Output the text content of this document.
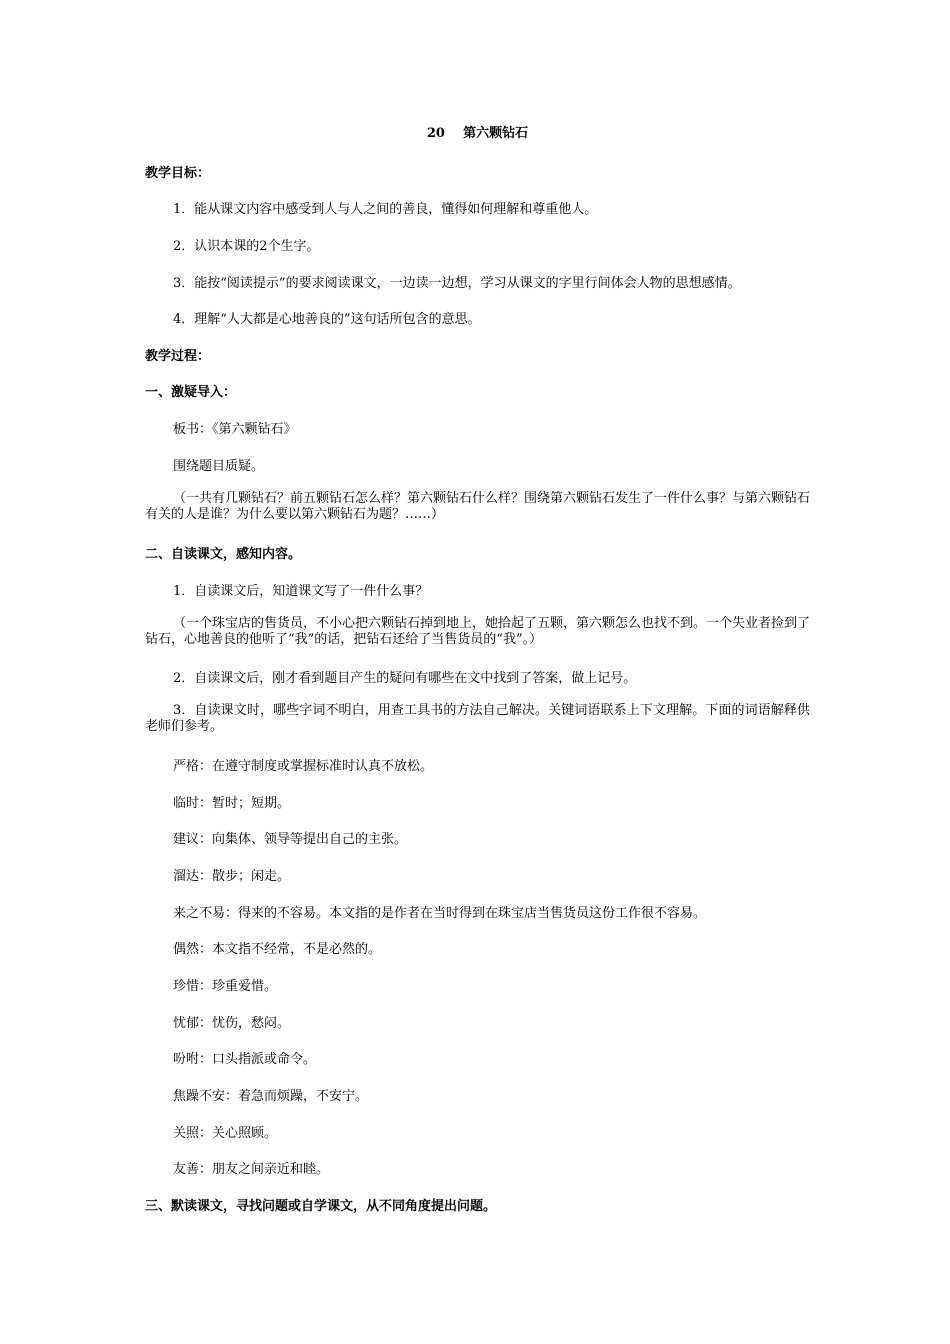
20    第六颗钻石
教学目标：
1．能从课文内容中感受到人与人之间的善良，懂得如何理解和尊重他人。
2．认识本课的2个生字。
3．能按“阅读提示”的要求阅读课文，一边读一边想，学习从课文的字里行间体会人物的思想感情。
4．理解“人大都是心地善良的”这句话所包含的意思。
教学过程：
一、激疑导入：
板书：《第六颗钻石》
围绕题目质疑。
（一共有几颗钻石？前五颗钻石怎么样？第六颗钻石什么样？围绕第六颗钻石发生了一件什么事？与第六颗钻石有关的人是谁？为什么要以第六颗钻石为题？……）
二、自读课文，感知内容。
1．自读课文后，知道课文写了一件什么事？
（一个珠宝店的售货员，不小心把六颗钻石掉到地上，她拾起了五颗，第六颗怎么也找不到。一个失业者捡到了钻石，心地善良的他听了“我”的话，把钻石还给了当售货员的“我”。）
2．自读课文后，刚才看到题目产生的疑问有哪些在文中找到了答案，做上记号。
3．自读课文时，哪些字词不明白，用查工具书的方法自己解决。关键词语联系上下文理解。下面的词语解释供老师们参考。
严格：在遵守制度或掌握标准时认真不放松。
临时：暂时；短期。
建议：向集体、领导等提出自己的主张。
溜达：散步；闲走。
来之不易：得来的不容易。本文指的是作者在当时得到在珠宝店当售货员这份工作很不容易。
偶然：本文指不经常，不是必然的。
珍惜：珍重爱惜。
忧郁：忧伤，愁闷。
吩咐：口头指派或命令。
焦躁不安：着急而烦躁，不安宁。
关照：关心照顾。
友善：朋友之间亲近和睦。
三、默读课文，寻找问题或自学课文，从不同角度提出问题。
